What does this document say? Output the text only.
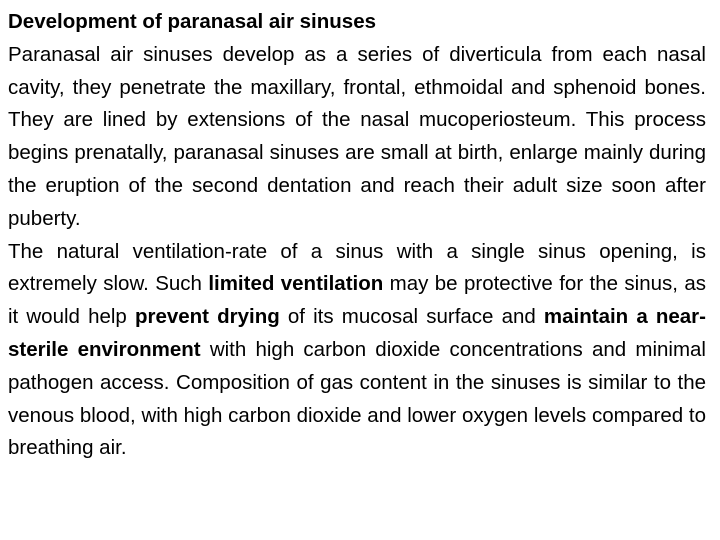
Development of paranasal air sinuses

Paranasal air sinuses develop as a series of diverticula from each nasal cavity, they penetrate the maxillary, frontal, ethmoidal and sphenoid bones. They are lined by extensions of the nasal mucoperiosteum. This process begins prenatally, paranasal sinuses are small at birth, enlarge mainly during the eruption of the second dentation and reach their adult size soon after puberty.

The natural ventilation-rate of a sinus with a single sinus opening, is extremely slow. Such limited ventilation may be protective for the sinus, as it would help prevent drying of its mucosal surface and maintain a near-sterile environment with high carbon dioxide concentrations and minimal pathogen access. Composition of gas content in the sinuses is similar to the venous blood, with high carbon dioxide and lower oxygen levels compared to breathing air.
